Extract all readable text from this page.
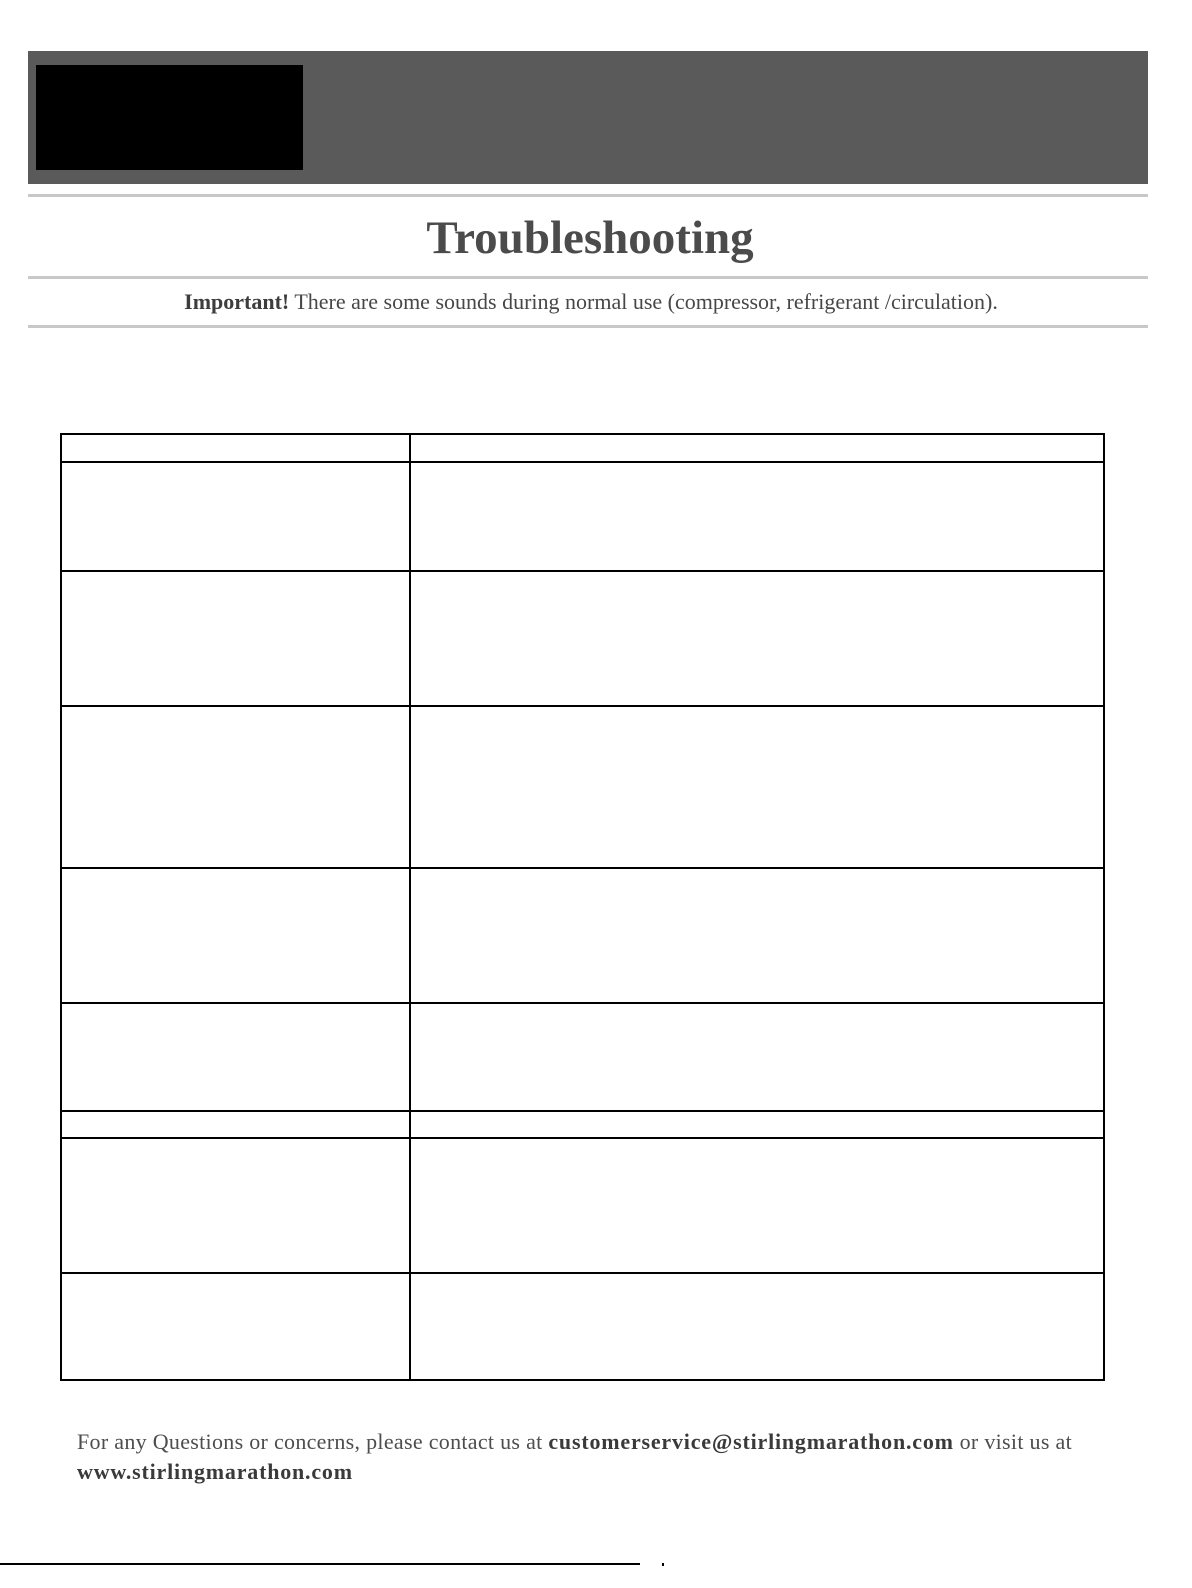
Troubleshooting
Important! There are some sounds during normal use (compressor, refrigerant /circulation).
For any Questions or concerns, please contact us at customerservice@stirlingmarathon.com or visit us at
www.stirlingmarathon.com
